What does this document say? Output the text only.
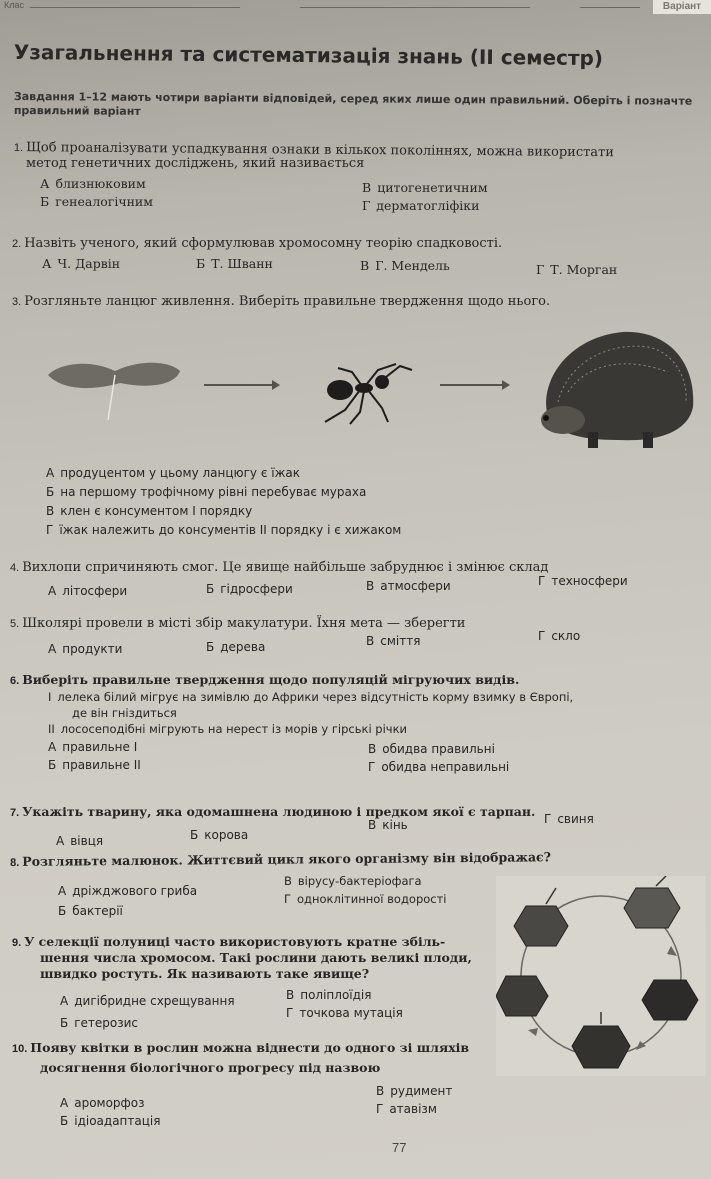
Клас	Варіант
Узагальнення та систематизація знань (ІІ семестр)
Завдання 1–12 мають чотири варіанти відповідей, серед яких лише один правильний. Оберіть і позначте правильний варіант
1. Щоб проаналізувати успадкування ознаки в кількох поколіннях, можна використати
метод генетичних досліджень, який називається
А близнюковим
Б генеалогічним
В цитогенетичним
Г дерматогліфіки
2. Назвіть ученого, який сформулював хромосомну теорію спадковості.
А Ч. Дарвін	Б Т. Шванн	В Г. Мендель	Г Т. Морган
3. Розгляньте ланцюг живлення. Виберіть правильне твердження щодо нього.
А продуцентом у цьому ланцюгу є їжак
Б на першому трофічному рівні перебуває мураха
В клен є консументом І порядку
Г їжак належить до консументів ІІ порядку і є хижаком
4. Вихлопи спричиняють смог. Це явище найбільше забруднює і змінює склад
А літосфери	Б гідросфери	В атмосфери	Г техносфери
5. Школярі провели в місті збір макулатури. Їхня мета — зберегти
А продукти	Б дерева	В сміття	Г скло
6. Виберіть правильне твердження щодо популяцій мігруючих видів.
І лелека білий мігрує на зимівлю до Африки через відсутність корму взимку в Європі,
де він гніздиться
ІІ лососеподібні мігрують на нерест із морів у гірські річки
А правильне І
Б правильне ІІ
В обидва правильні
Г обидва неправильні
7. Укажіть тварину, яка одомашнена людиною і предком якої є тарпан.
А вівця	Б корова
В кінь	Г свиня
8. Розгляньте малюнок. Життєвий цикл якого організму він відображає?
А дріжджового гриба
Б бактерії
В вірусу-бактеріофага
Г одноклітинної водорості
9. У селекції полуниці часто використовують кратне збіль-
шення числа хромосом. Такі рослини дають великі плоди,
швидко ростуть. Як називають таке явище?
А дигібридне схрещування
Б гетерозис
В поліплоїдія
Г точкова мутація
10. Появу квітки в рослин можна віднести до одного зі шляхів
досягнення біологічного прогресу під назвою
А ароморфоз
Б ідіоадаптація
В рудимент
Г атавізм
77
